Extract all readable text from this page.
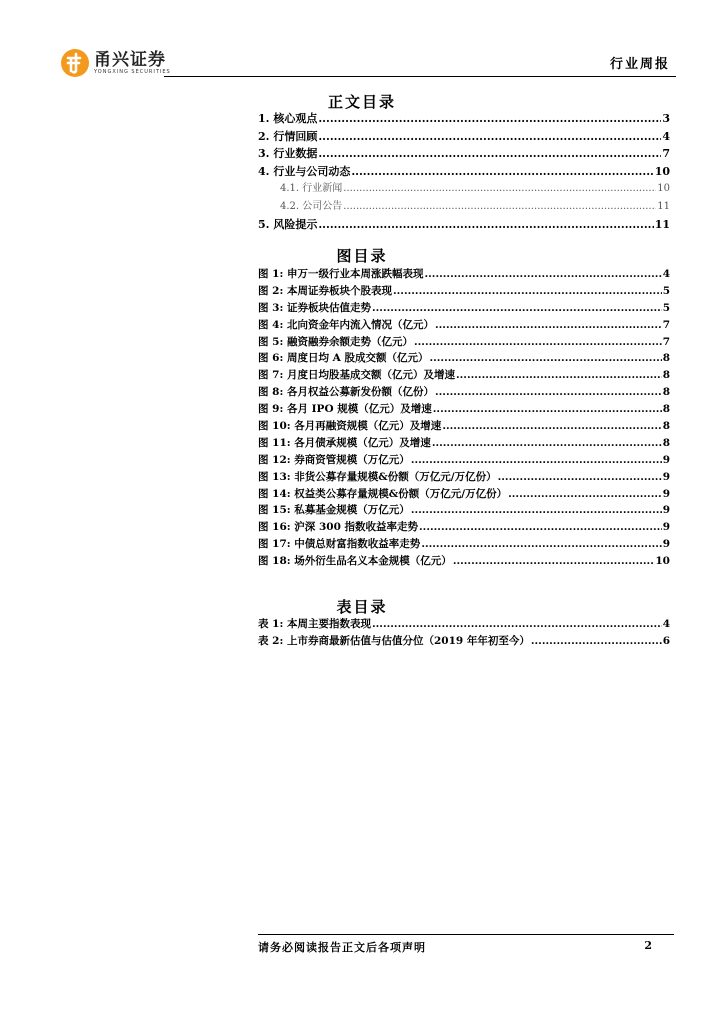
甬兴证券
YONGXING SECURITIES	行业周报
正文目录
1. 核心观点 .....	3
2. 行情回顾 .....	4
3. 行业数据 .....	7
4. 行业与公司动态 .....	10
4.1. 行业新闻 .....	10
4.2. 公司公告 .....	11
5. 风险提示 .....	11
图目录
图 1: 申万一级行业本周涨跌幅表现 .....	4
图 2: 本周证券板块个股表现 .....	5
图 3: 证券板块估值走势 .....	5
图 4: 北向资金年内流入情况（亿元） .....	7
图 5: 融资融券余额走势（亿元） .....	7
图 6: 周度日均 A 股成交额（亿元） .....	8
图 7: 月度日均股基成交额（亿元）及增速 .....	8
图 8: 各月权益公募新发份额（亿份） .....	8
图 9: 各月 IPO 规模（亿元）及增速 .....	8
图 10: 各月再融资规模（亿元）及增速 .....	8
图 11: 各月债承规模（亿元）及增速 .....	8
图 12: 券商资管规模（万亿元） .....	9
图 13: 非货公募存量规模&份额（万亿元/万亿份） .....	9
图 14: 权益类公募存量规模&份额（万亿元/万亿份） .....	9
图 15: 私募基金规模（万亿元） .....	9
图 16: 沪深 300 指数收益率走势 .....	9
图 17: 中债总财富指数收益率走势 .....	9
图 18: 场外衍生品名义本金规模（亿元） .....	10
表目录
表 1: 本周主要指数表现 .....	4
表 2: 上市券商最新估值与估值分位（2019 年年初至今） .....	6
请务必阅读报告正文后各项声明	2
